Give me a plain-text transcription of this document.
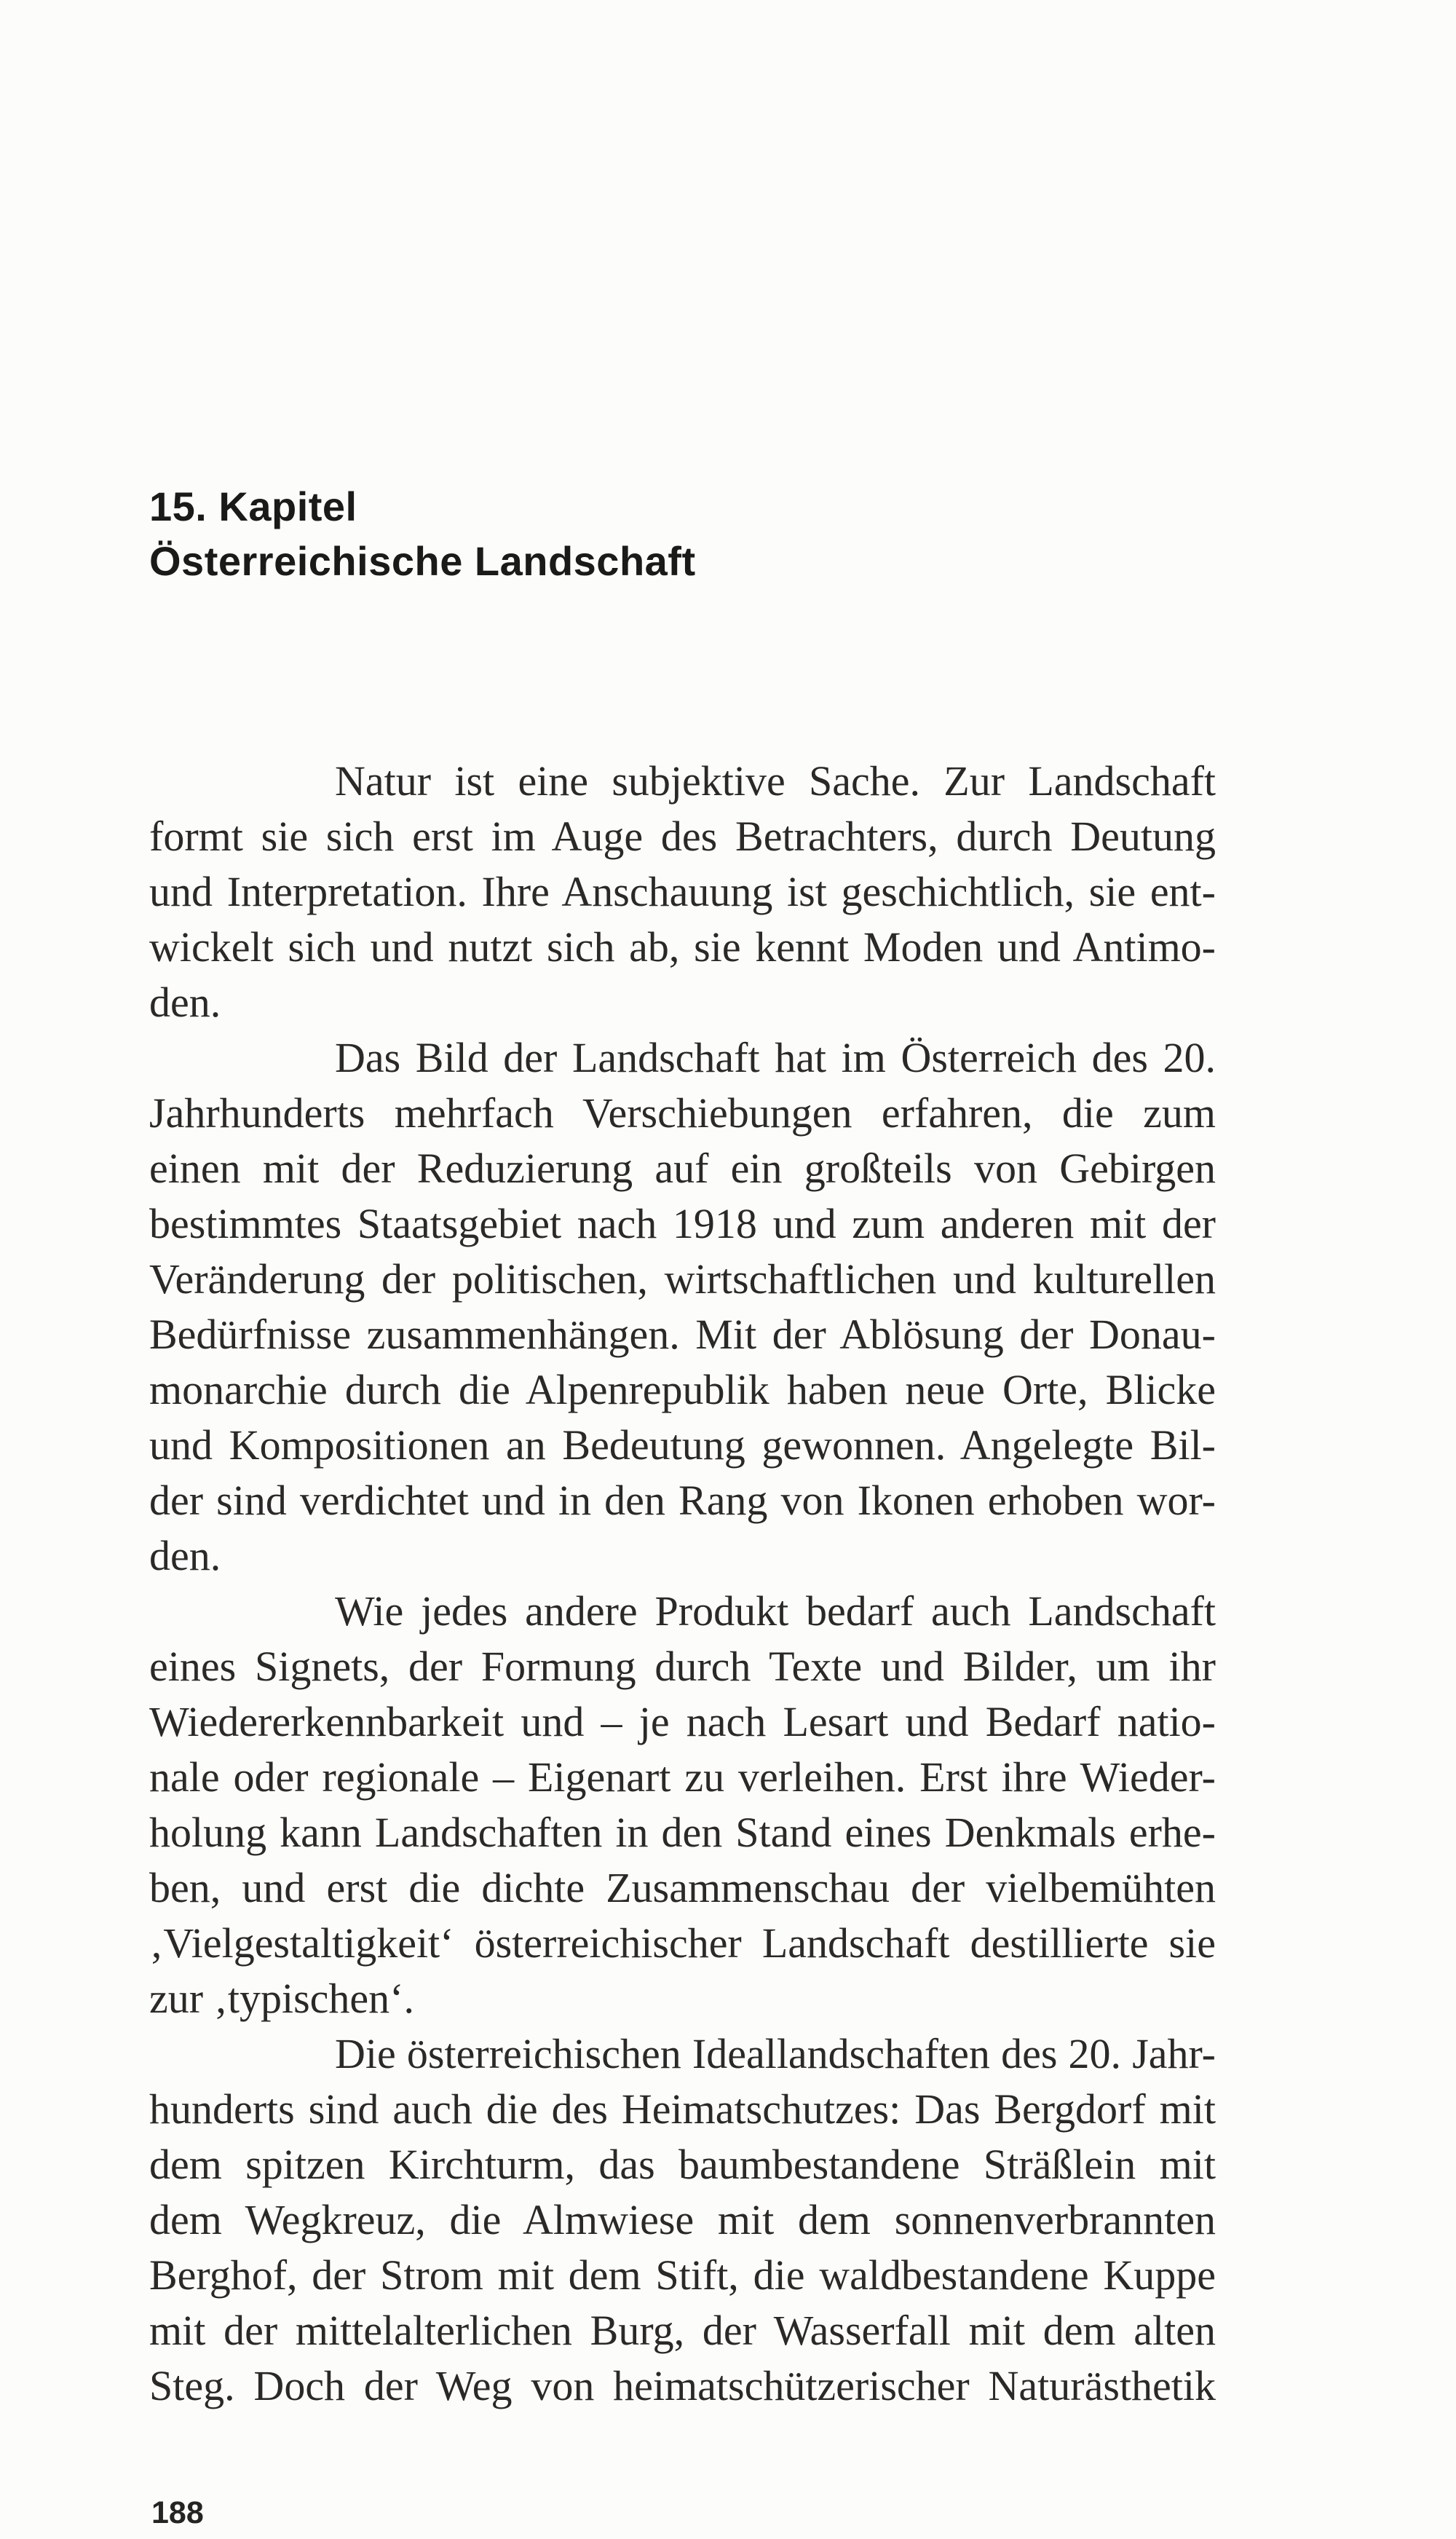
15. Kapitel
Österreichische Landschaft
Natur ist eine subjektive Sache. Zur Landschaft
formt sie sich erst im Auge des Betrachters, durch Deutung
und Interpretation. Ihre Anschauung ist geschichtlich, sie ent-
wickelt sich und nutzt sich ab, sie kennt Moden und Antimo-
den.
Das Bild der Landschaft hat im Österreich des 20.
Jahrhunderts mehrfach Verschiebungen erfahren, die zum
einen mit der Reduzierung auf ein großteils von Gebirgen
bestimmtes Staatsgebiet nach 1918 und zum anderen mit der
Veränderung der politischen, wirtschaftlichen und kulturellen
Bedürfnisse zusammenhängen. Mit der Ablösung der Donau-
monarchie durch die Alpenrepublik haben neue Orte, Blicke
und Kompositionen an Bedeutung gewonnen. Angelegte Bil-
der sind verdichtet und in den Rang von Ikonen erhoben wor-
den.
Wie jedes andere Produkt bedarf auch Landschaft
eines Signets, der Formung durch Texte und Bilder, um ihr
Wiedererkennbarkeit und – je nach Lesart und Bedarf natio-
nale oder regionale – Eigenart zu verleihen. Erst ihre Wieder-
holung kann Landschaften in den Stand eines Denkmals erhe-
ben, und erst die dichte Zusammenschau der vielbemühten
‚Vielgestaltigkeit‘ österreichischer Landschaft destillierte sie
zur ‚typischen‘.
Die österreichischen Ideallandschaften des 20. Jahr-
hunderts sind auch die des Heimatschutzes: Das Bergdorf mit
dem spitzen Kirchturm, das baumbestandene Sträßlein mit
dem Wegkreuz, die Almwiese mit dem sonnenverbrannten
Berghof, der Strom mit dem Stift, die waldbestandene Kuppe
mit der mittelalterlichen Burg, der Wasserfall mit dem alten
Steg. Doch der Weg von heimatschützerischer Naturästhetik
188
